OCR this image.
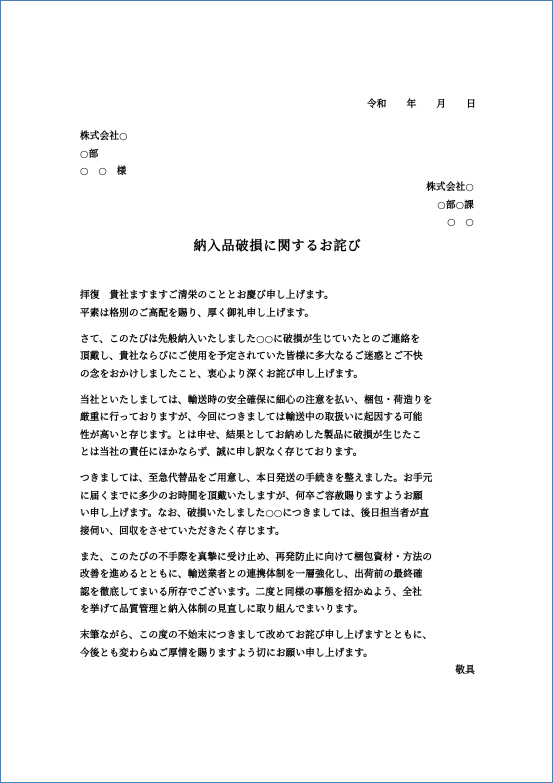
令和 年 月 日
株式会社○
○部
○　○　様
株式会社○
○部○課
○　○
納入品破損に関するお詫び

拝復　貴社ますますご清栄のこととお慶び申し上げます。
平素は格別のご高配を賜り、厚く御礼申し上げます。

さて、このたびは先般納入いたしました○○に破損が生じていたとのご連絡を
頂戴し、貴社ならびにご使用を予定されていた皆様に多大なるご迷惑とご不快
の念をおかけしましたこと、衷心より深くお詫び申し上げます。

当社といたしましては、輸送時の安全確保に細心の注意を払い、梱包・荷造りを
厳重に行っておりますが、今回につきましては輸送中の取扱いに起因する可能
性が高いと存じます。とは申せ、結果としてお納めした製品に破損が生じたこ
とは当社の責任にほかならず、誠に申し訳なく存じております。

つきましては、至急代替品をご用意し、本日発送の手続きを整えました。お手元
に届くまでに多少のお時間を頂戴いたしますが、何卒ご容赦賜りますようお願
い申し上げます。なお、破損いたしました○○につきましては、後日担当者が直
接伺い、回収をさせていただきたく存じます。

また、このたびの不手際を真摯に受け止め、再発防止に向けて梱包資材・方法の
改善を進めるとともに、輸送業者との連携体制を一層強化し、出荷前の最終確
認を徹底してまいる所存でございます。二度と同様の事態を招かぬよう、全社
を挙げて品質管理と納入体制の見直しに取り組んでまいります。

末筆ながら、この度の不始末につきまして改めてお詫び申し上げますとともに、
今後とも変わらぬご厚情を賜りますよう切にお願い申し上げます。

敬具
